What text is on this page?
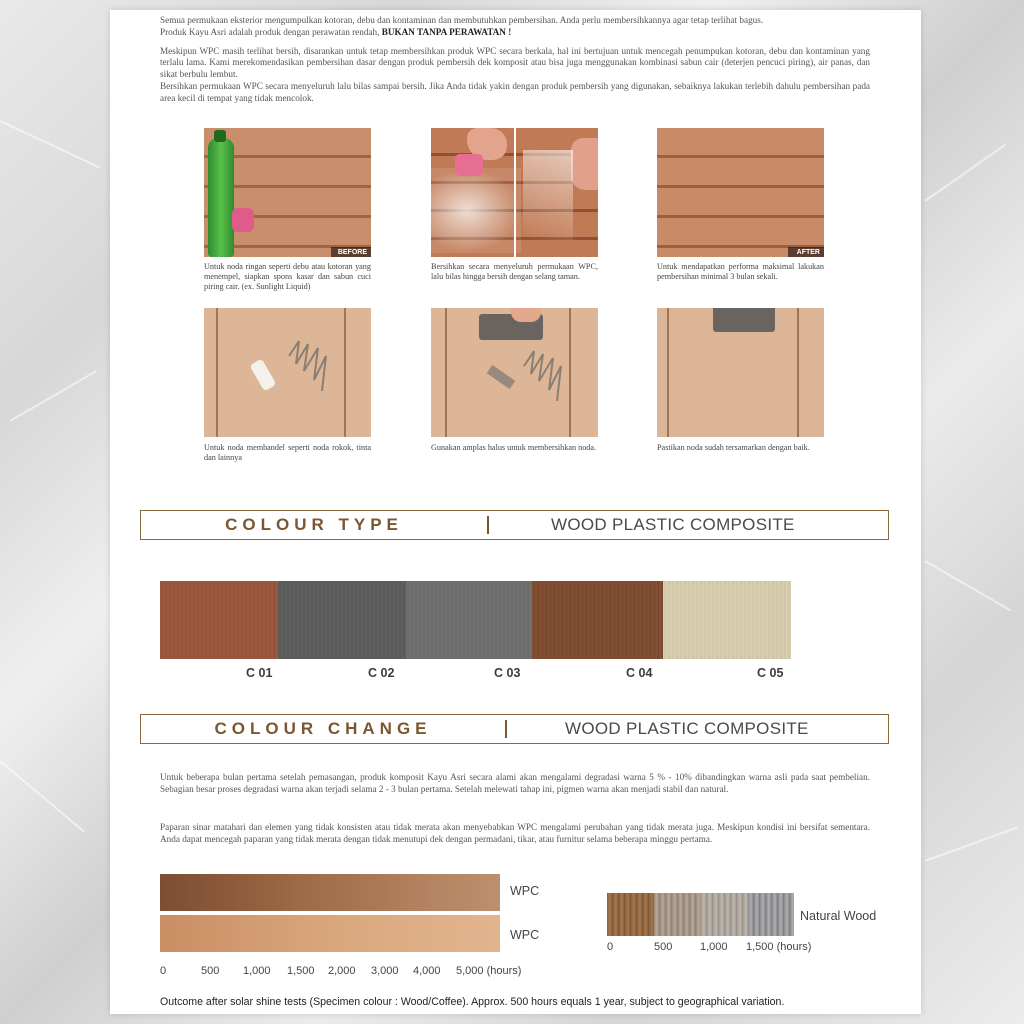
Semua permukaan eksterior mengumpulkan kotoran, debu dan kontaminan dan membutuhkan pembersihan. Anda perlu membersihkannya agar tetap terlihat bagus.
Produk Kayu Asri adalah produk dengan perawatan rendah, BUKAN TANPA PERAWATAN !

Meskipun WPC masih terlihat bersih, disarankan untuk tetap membersihkan produk WPC secara berkala, hal ini bertujuan untuk mencegah penumpukan kotoran, debu dan kontaminan yang terlalu lama. Kami merekomendasikan pembersihan dasar dengan produk pembersih dek komposit atau bisa juga menggunakan kombinasi sabun cair (deterjen pencuci piring), air panas, dan sikat berbulu lembut.

Bersihkan permukaan WPC secara menyeluruh lalu bilas sampai bersih. Jika Anda tidak yakin dengan produk pembersih yang digunakan, sebaiknya lakukan terlebih dahulu pembersihan pada area kecil di tempat yang tidak mencolok.

BEFORE
Untuk noda ringan seperti debu atau kotoran yang menempel, siapkan spons kasar dan sabun cuci piring cair. (ex. Sunlight Liquid)
Bersihkan secara menyeluruh permukaan WPC, lalu bilas hingga bersih dengan selang taman.
AFTER
Untuk mendapatkan performa maksimal lakukan pembersihan minimal 3 bulan sekali.
Untuk noda membandel seperti noda rokok, tinta dan lainnya
Gunakan amplas halus untuk membersihkan noda.	Pastikan noda sudah tersamarkan dengan baik.
COLOUR TYPE	WOOD PLASTIC COMPOSITE
C 01	C 02	C 03	C 04	C 05
COLOUR CHANGE	WOOD PLASTIC COMPOSITE
Untuk beberapa bulan pertama setelah pemasangan, produk komposit Kayu Asri secara alami akan mengalami degradasi warna 5 % - 10% dibandingkan warna asli pada saat pembelian. Sebagian besar proses degradasi warna akan terjadi selama 2 - 3 bulan pertama. Setelah melewati tahap ini, pigmen warna akan menjadi stabil dan natural.
Paparan sinar matahari dan elemen yang tidak konsisten atau tidak merata akan menyebabkan WPC mengalami perubahan yang tidak merata juga. Meskipun kondisi ini bersifat sementara. Anda dapat mencegah paparan yang tidak merata dengan tidak menutupi dek dengan permadani, tikar, atau furnitur selama beberapa minggu pertama.
WPC
WPC
0	500 1,000 1,500 2,000 3,000 4,000 5,000 (hours)
Natural Wood
0	500	1,000 1,500 (hours)
Outcome after solar shine tests (Specimen colour : Wood/Coffee). Approx. 500 hours equals 1 year, subject to geographical variation.
